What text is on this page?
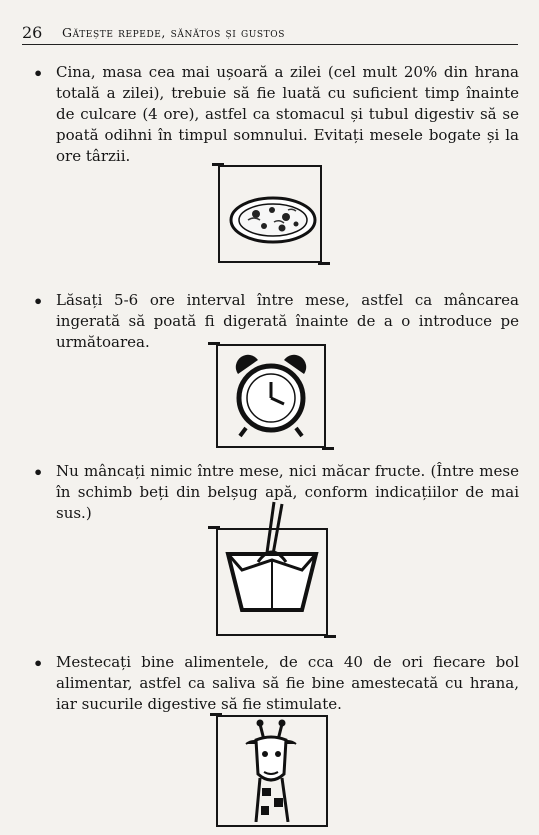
26 Gătește repede, sănătos și gustos
• Cina, masa cea mai ușoară a zilei (cel mult 20% din hrana totală a zilei), trebuie să fie luată cu suficient timp înainte de culcare (4 ore), astfel ca stomacul și tubul digestiv să se poată odihni în timpul somnului. Evitați mesele bogate și la ore târzii.
• Lăsați 5-6 ore interval între mese, astfel ca mâncarea ingerată să poată fi digerată înainte de a o introduce pe următoarea.
• Nu mâncați nimic între mese, nici măcar fructe. (Între mese în schimb beți din belșug apă, conform indicațiilor de mai sus.)
• Mestecați bine alimentele, de cca 40 de ori fiecare bol alimentar, astfel ca saliva să fie bine amestecată cu hrana, iar sucurile digestive să fie stimulate.
